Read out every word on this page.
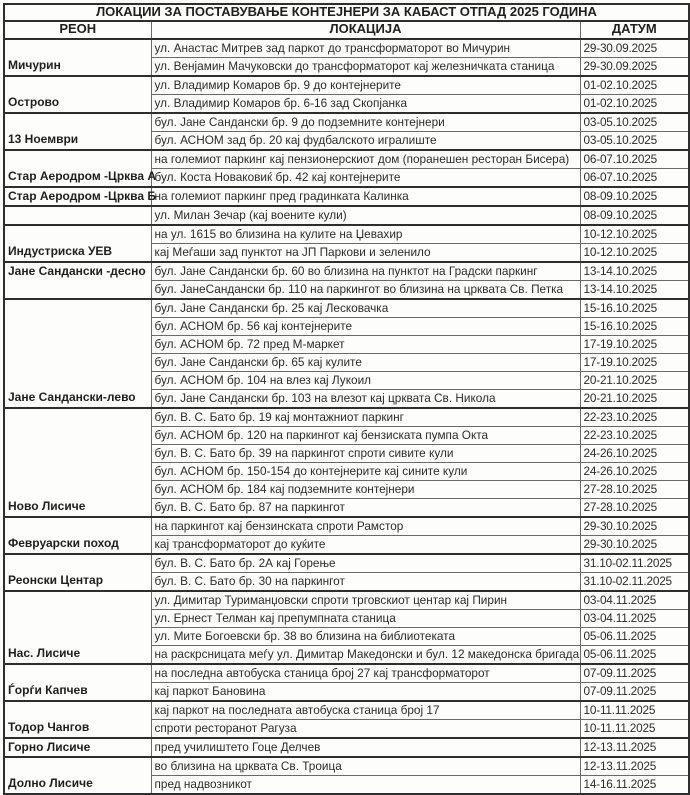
ЛОКАЦИИ ЗА ПОСТАВУВАЊЕ КОНТЕЈНЕРИ ЗА КАБАСТ ОТПАД 2025 ГОДИНА		
РЕОН	ЛОКАЦИЈА	ДАТУМ
Мичурин	ул. Анастас Митрев зад паркот до трансформаторот во Мичурин	29-30.09.2025
	ул. Венјамин Мачуковски до трансформаторот кај железничката станица	29-30.09.2025
Острово	ул. Владимир Комаров бр. 9 до контејнерите	01-02.10.2025
	ул. Владимир Комаров бр. 6-16 зад Скопјанка	01-02.10.2025
13 Ноември	бул. Јане Сандански бр. 9 до подземните контејнери	03-05.10.2025
	бул. АСНОМ зад бр. 20 кај фудбалското игралиште	03-05.10.2025
Стар Аеродром -Црква А	на големиот паркинг кај пензионерскиот дом (поранешен ресторан Бисера)	06-07.10.2025
	бул. Коста Новаковиќ бр. 42 кај контејнерите	06-07.10.2025
Стар Аеродром -Црква Б	на големиот паркинг пред градинката Калинка	08-09.10.2025
	ул. Милан Зечар (кај воените кули)	08-09.10.2025
Индустриска УЕВ	на ул. 1615 во близина на кулите на Џевахир	10-12.10.2025
	кај Меѓаши зад пунктот на ЈП Паркови и зеленило	10-12.10.2025
Јане Сандански -десно	бул. Јане Сандански бр. 60 во близина на пунктот на Градски паркинг	13-14.10.2025
	бул. ЈанеСандански бр. 110 на паркингот во близина на црквата Св. Петка	13-14.10.2025
Јане Сандански-лево	бул. Јане Сандански бр. 25 кај Лесковачка	15-16.10.2025
	бул. АСНОМ бр. 56 кај контејнерите	15-16.10.2025
	бул. АСНОМ бр. 72 пред М-маркет	17-19.10.2025
	бул. Јане Сандански бр. 65 кај кулите	17-19.10.2025
	бул. АСНОМ бр. 104 на влез кај Лукоил	20-21.10.2025
	бул. Јане Сандански бр. 103 на влезот кај црквата Св. Никола	20-21.10.2025
Ново Лисиче	бул. В. С. Бато бр. 19 кај монтажниот паркинг	22-23.10.2025
	бул. АСНОМ бр. 120 на паркингот кај бензиската пумпа Окта	22-23.10.2025
	бул. В. С. Бато бр. 39 на паркингот спроти сивите кули	24-26.10.2025
	бул. АСНОМ бр. 150-154 до контејнерите кај сините кули	24-26.10.2025
	бул. АСНОМ бр. 184 кај подземните контејнери	27-28.10.2025
	бул. В. С. Бато бр. 87 на паркингот	27-28.10.2025
Февруарски поход	на паркингот кај бензинската спроти Рамстор	29-30.10.2025
	кај трансформаторот до куќите	29-30.10.2025
Реонски Центар	бул. В. С. Бато бр. 2А кај Горење	31.10-02.11.2025
	бул. В. С. Бато бр. 30 на паркингот	31.10-02.11.2025
Нас. Лисиче	ул. Димитар Туриманџовски спроти трговскиот центар кај Пирин	03-04.11.2025
	ул. Ернест Телман кај препумпната станица	03-04.11.2025
	ул. Мите Богоевски бр. 38 во близина на библиотеката	05-06.11.2025
	на раскрсницата меѓу ул. Димитар Македонски и бул. 12 македонска бригада	05-06.11.2025
Ѓорѓи Капчев	на последна автобуска станица број 27 кај трансформаторот	07-09.11.2025
	кај паркот Бановина	07-09.11.2025
Тодор Чангов	кај паркот на последната автобуска станица број 17	10-11.11.2025
	спроти ресторанот Рагуза	10-11.11.2025
Горно Лисиче	пред училиштето Гоце Делчев	12-13.11.2025
Долно Лисиче	во близина на црквата Св. Троица	12-13.11.2025
	пред надвозникот	14-16.11.2025
